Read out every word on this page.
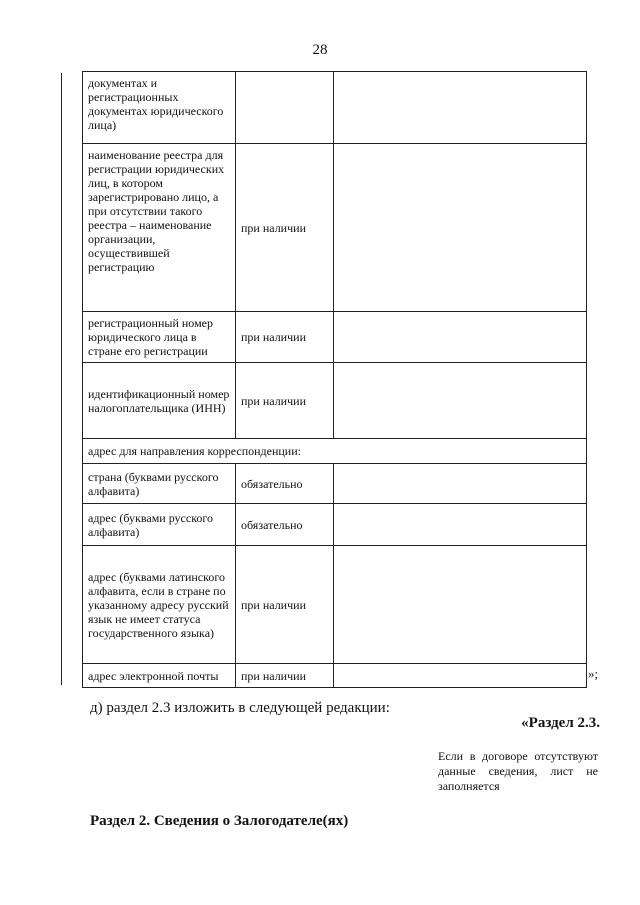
28
документах и регистрационных документах юридического лица)		
наименование реестра для регистрации юридических лиц, в котором зарегистрировано лицо, а при отсутствии такого реестра – наименование организации, осуществившей регистрацию	при наличии	
регистрационный номер юридического лица в стране его регистрации	при наличии	
идентификационный номер налогоплательщика (ИНН)	при наличии	
адрес для направления корреспонденции:		
страна (буквами русского алфавита)	обязательно	
адрес (буквами русского алфавита)	обязательно	
адрес (буквами латинского алфавита, если в стране по указанному адресу русский язык не имеет статуса государственного языка)	при наличии	
адрес электронной почты	при наличии		»;
д) раздел 2.3 изложить в следующей редакции:
«Раздел 2.3.
Если в договоре отсутствуют данные сведения, лист не заполняется
Раздел 2. Сведения о Залогодателе(ях)
